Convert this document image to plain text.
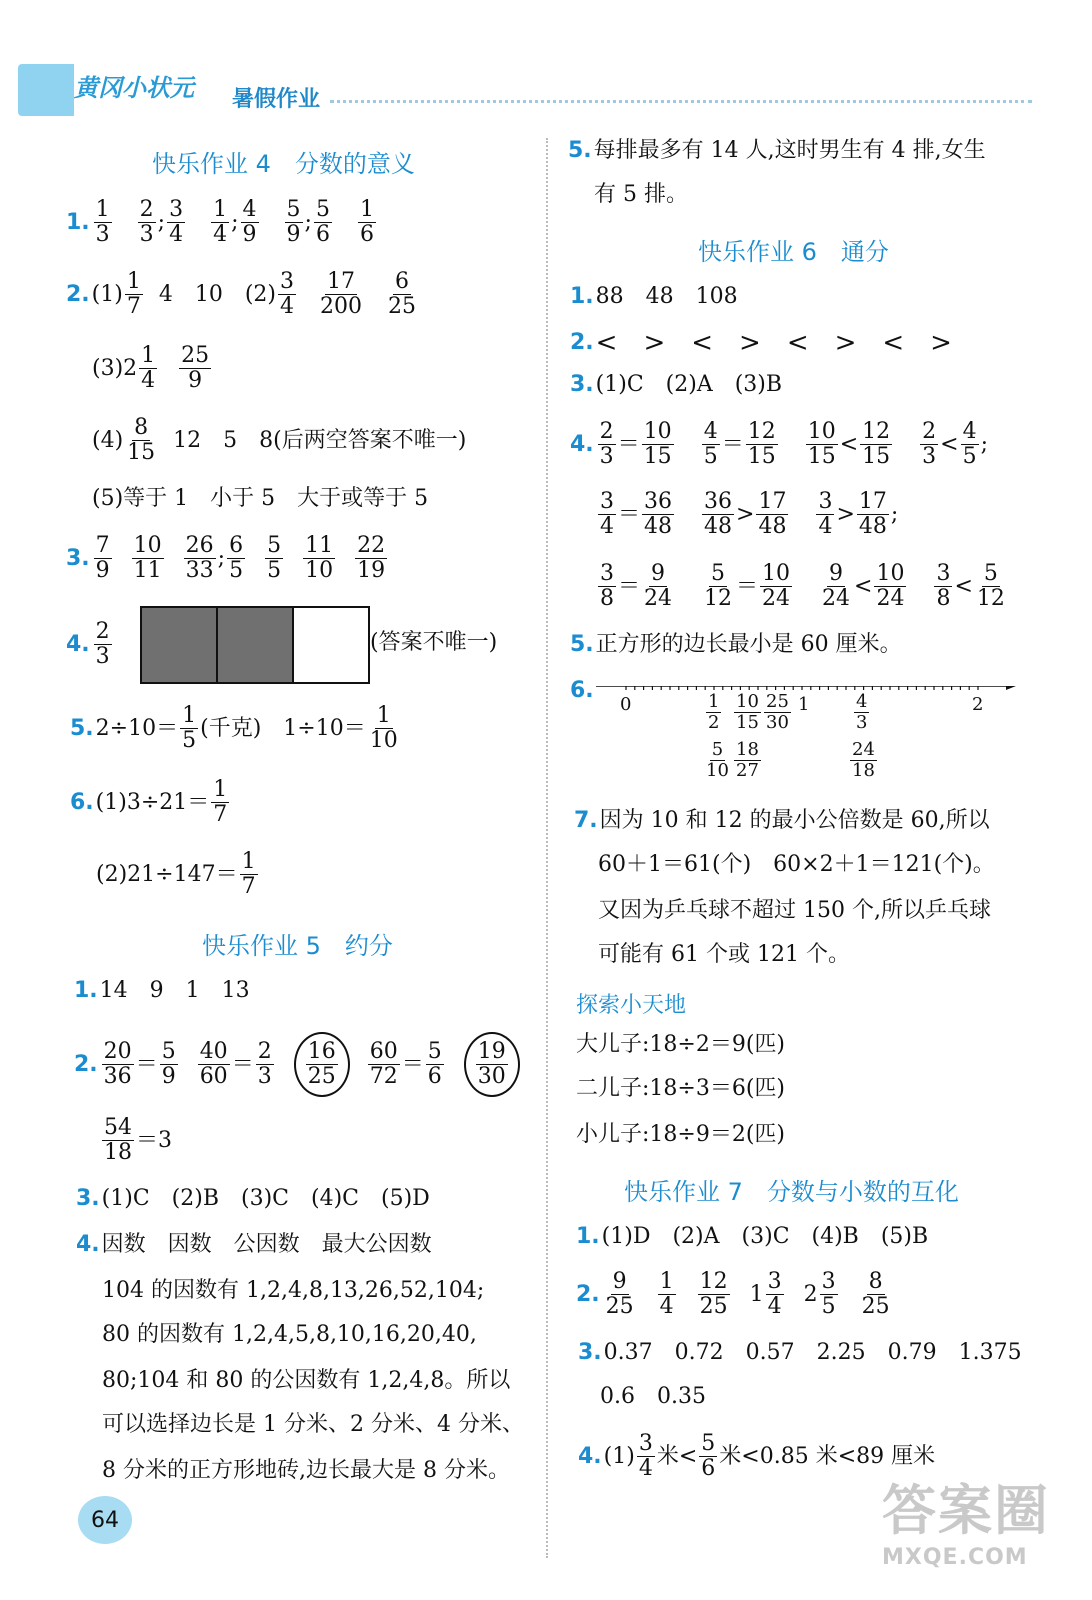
黄冈小状元 暑假作业
快乐作业 4　分数的意义
1.
1
3
2
3 ;
3
4
1
4 ;
4
9
5
9 ;
5
6
1
6
2. (1)
1
7 4　10　(2)
3
4
17
200
6
25
(3)2
1
4
25
9
(4)
8
15 12　5　8(后两空答案不唯一)
(5)等于 1　小于 5　大于或等于 5
3.
7
9
10
11
26
33 ;
6
5
5
5
11
10
22
19
4.
2
3
(答案不唯一)
5. 2÷10＝
1
5 (千克)　1÷10＝
1
10
6. (1)3÷21＝
1
7
(2)21÷147＝
1
7
快乐作业 5　约分
1. 14　9　1　13
2.
20
36 ＝
5
9
40
60 ＝
2
3
16
25
60
72 ＝
5
6
19
30
54
18 ＝3
3. (1)C　(2)B　(3)C　(4)C　(5)D
4. 因数　因数　公因数　最大公因数
104 的因数有 1,2,4,8,13,26,52,104;
80 的因数有 1,2,4,5,8,10,16,20,40,
80;104 和 80 的公因数有 1,2,4,8。所以
可以选择边长是 1 分米、2 分米、4 分米、
8 分米的正方形地砖,边长最大是 8 分米。
64
5. 每排最多有 14 人,这时男生有 4 排,女生
有 5 排。
快乐作业 6　通分
1. 88　48　108
2. <　>　<　>　<　>　<　>
3. (1)C　(2)A　(3)B
4.
2
3 ＝
10
15
4
5 ＝
12
15
10
15 <
12
15
2
3 <
4
5 ;
3
4 ＝
36
48
36
48 >
17
48
3
4 >
17
48 ;
3
8 ＝
9
24
5
12 ＝
10
24
9
24 <
10
24
3
8 <
5
12
5. 正方形的边长最小是 60 厘米。
6.
0	1	2
1
2
10
15
25
30
4
3
5
10
18
27
24
18
7. 因为 10 和 12 的最小公倍数是 60,所以
60＋1＝61(个)　60×2＋1＝121(个)。
又因为乒乓球不超过 150 个,所以乒乓球
可能有 61 个或 121 个。
探索小天地
大儿子:18÷2＝9(匹)
二儿子:18÷3＝6(匹)
小儿子:18÷9＝2(匹)
快乐作业 7　分数与小数的互化
1. (1)D　(2)A　(3)C　(4)B　(5)B
2.
9
25
1
4
12
25 1
3
4 2
3
5
8
25
3. 0.37　0.72　0.57　2.25　0.79　1.375
0.6　0.35
4. (1)
3
4 米<
5
6 米<0.85 米<89 厘米
答案圈
MXQE.COM
